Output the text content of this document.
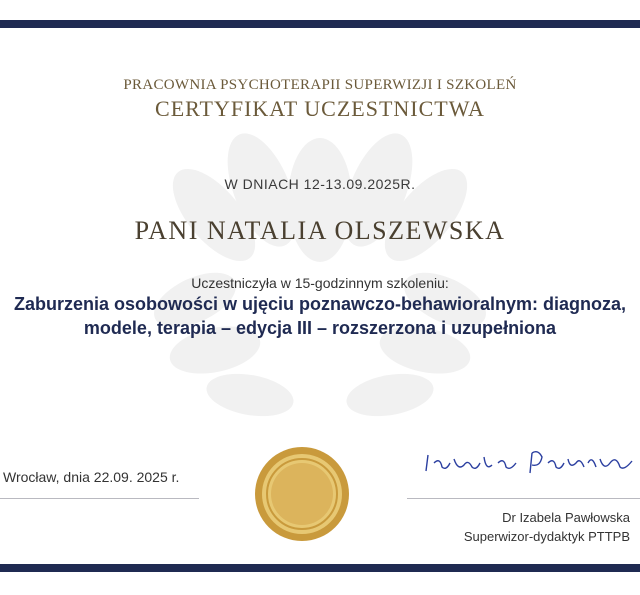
PRACOWNIA PSYCHOTERAPII SUPERWIZJI I SZKOLEŃ
CERTYFIKAT UCZESTNICTWA
W DNIACH 12-13.09.2025R.
PANI NATALIA OLSZEWSKA
Uczestniczyła w 15-godzinnym szkoleniu:
Zaburzenia osobowości w ujęciu poznawczo-behawioralnym: diagnoza,
modele, terapia – edycja III – rozszerzona i uzupełniona
Wrocław, dnia 22.09. 2025 r.
Dr Izabela Pawłowska
Superwizor-dydaktyk PTTPB
